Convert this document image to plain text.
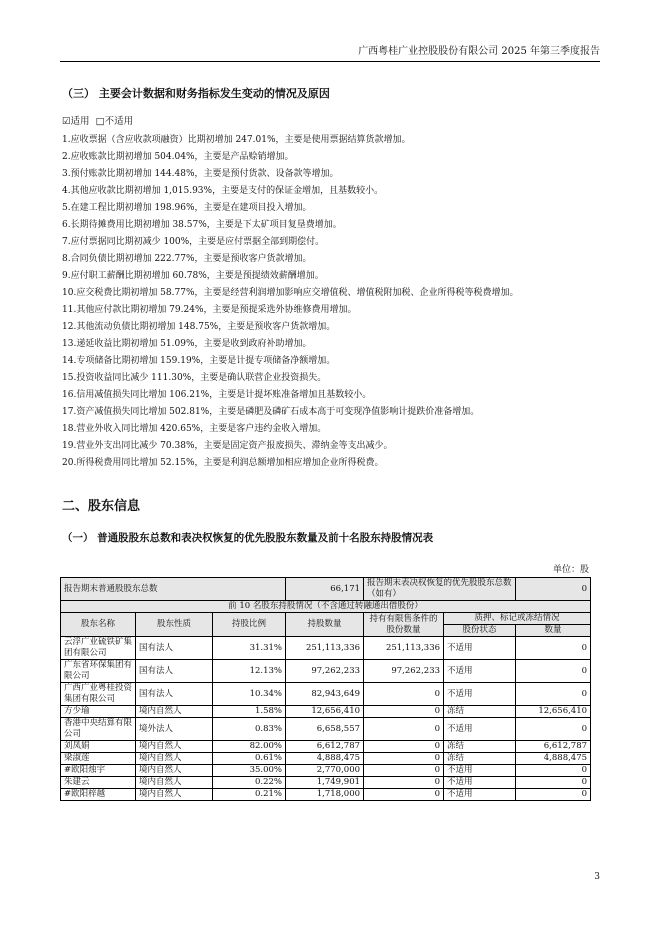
广西粤桂广业控股股份有限公司 2025 年第三季度报告
（三） 主要会计数据和财务指标发生变动的情况及原因
☑适用 □不适用
1.应收票据（含应收款项融资）比期初增加 247.01%，主要是使用票据结算货款增加。
2.应收账款比期初增加 504.04%，主要是产品赊销增加。
3.预付账款比期初增加 144.48%，主要是预付货款、设备款等增加。
4.其他应收款比期初增加 1,015.93%，主要是支付的保证金增加，且基数较小。
5.在建工程比期初增加 198.96%，主要是在建项目投入增加。
6.长期待摊费用比期初增加 38.57%，主要是下太矿项目复垦费增加。
7.应付票据同比期初减少 100%，主要是应付票据全部到期偿付。
8.合同负债比期初增加 222.77%，主要是预收客户货款增加。
9.应付职工薪酬比期初增加 60.78%，主要是预提绩效薪酬增加。
10.应交税费比期初增加 58.77%，主要是经营利润增加影响应交增值税、增值税附加税、企业所得税等税费增加。
11.其他应付款比期初增加 79.24%，主要是预提采选外协维修费用增加。
12.其他流动负债比期初增加 148.75%，主要是预收客户货款增加。
13.递延收益比期初增加 51.09%，主要是收到政府补助增加。
14.专项储备比期初增加 159.19%，主要是计提专项储备净额增加。
15.投资收益同比减少 111.30%，主要是确认联营企业投资损失。
16.信用减值损失同比增加 106.21%，主要是计提坏账准备增加且基数较小。
17.资产减值损失同比增加 502.81%，主要是磷肥及磷矿石成本高于可变现净值影响计提跌价准备增加。
18.营业外收入同比增加 420.65%，主要是客户违约金收入增加。
19.营业外支出同比减少 70.38%，主要是固定资产报废损失、滞纳金等支出减少。
20.所得税费用同比增加 52.15%，主要是利润总额增加相应增加企业所得税费。
二、股东信息
（一） 普通股股东总数和表决权恢复的优先股股东数量及前十名股东持股情况表
单位：股
报告期末普通股股东总数			66,171	报告期末表决权恢复的优先股股东总数（如有）		0
前 10 名股东持股情况（不含通过转融通出借股份）						
股东名称	股东性质	持股比例	持股数量	持有有限售条件的股份数量	质押、标记或冻结情况	
					股份状态	数量
云浮广业硫铁矿集团有限公司	国有法人	31.31%	251,113,336	251,113,336	不适用	0
广东省环保集团有限公司	国有法人	12.13%	97,262,233	97,262,233	不适用	0
广西广业粤桂投资集团有限公司	国有法人	10.34%	82,943,649	0	不适用	0
方少瑜	境内自然人	1.58%	12,656,410	0	冻结	12,656,410
香港中央结算有限公司	境外法人	0.83%	6,658,557	0	不适用	0
刘凤娟	境内自然人	82.00%	6,612,787	0	冻结	6,612,787
梁淑莲	境内自然人	0.61%	4,888,475	0	冻结	4,888,475
#欧阳烛宇	境内自然人	35.00%	2,770,000	0	不适用	0
朱建云	境内自然人	0.22%	1,749,901	0	不适用	0
#欧阳梓越	境内自然人	0.21%	1,718,000	0	不适用	0
3
